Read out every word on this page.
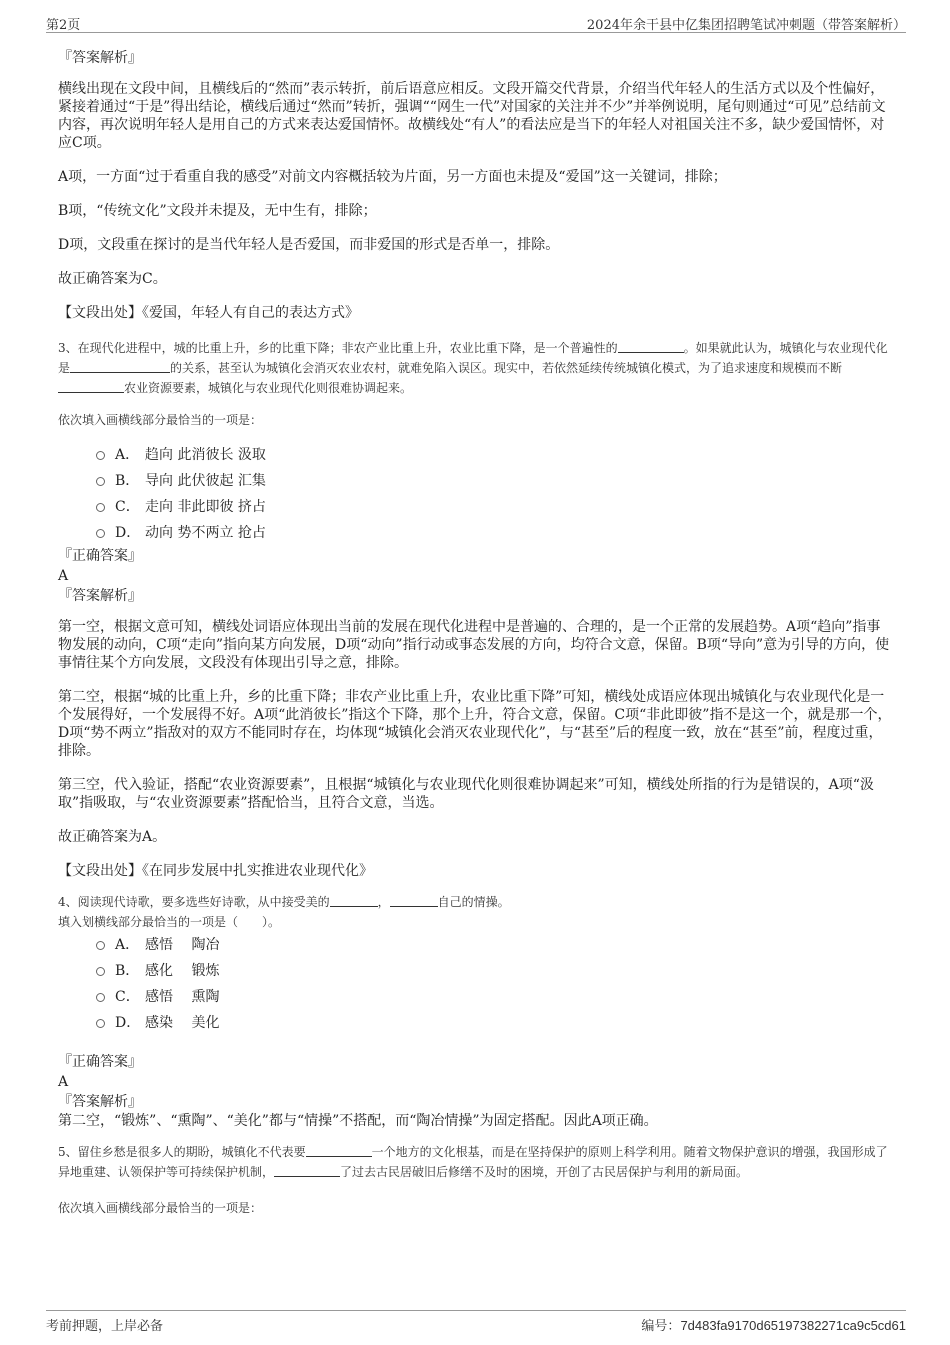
第2页	2024年余干县中亿集团招聘笔试冲刺题（带答案解析）

『答案解析』

横线出现在文段中间，且横线后的“然而”表示转折，前后语意应相反。文段开篇交代背景，介绍当代年轻人的生活方式以及个性偏好，紧接着通过“于是”得出结论，横线后通过“然而”转折，强调““网生一代”对国家的关注并不少”并举例说明，尾句则通过“可见”总结前文内容，再次说明年轻人是用自己的方式来表达爱国情怀。故横线处“有人”的看法应是当下的年轻人对祖国关注不多，缺少爱国情怀，对应C项。

A项，一方面“过于看重自我的感受”对前文内容概括较为片面，另一方面也未提及“爱国”这一关键词，排除；

B项，“传统文化”文段并未提及，无中生有，排除；

D项，文段重在探讨的是当代年轻人是否爱国，而非爱国的形式是否单一，排除。

故正确答案为C。

【文段出处】《爱国，年轻人有自己的表达方式》

3、在现代化进程中，城的比重上升，乡的比重下降；非农产业比重上升，农业比重下降，是一个普遍性的	。如果就此认为，城镇化与农业现代化是	的关系，甚至认为城镇化会消灭农业农村，就难免陷入误区。现实中，若依然延续传统城镇化模式，为了追求速度和规模而不断农业资源要素，城镇化与农业现代化则很难协调起来。

依次填入画横线部分最恰当的一项是：

A． 趋向 此消彼长 汲取
B． 导向 此伏彼起 汇集
C． 走向 非此即彼 挤占
D． 动向 势不两立 抢占

『正确答案』

A

『答案解析』

第一空，根据文意可知，横线处词语应体现出当前的发展在现代化进程中是普遍的、合理的，是一个正常的发展趋势。A项“趋向”指事物发展的动向，C项“走向”指向某方向发展，D项“动向”指行动或事态发展的方向，均符合文意，保留。B项“导向”意为引导的方向，使事情往某个方向发展，文段没有体现出引导之意，排除。

第二空，根据“城的比重上升，乡的比重下降；非农产业比重上升，农业比重下降”可知，横线处成语应体现出城镇化与农业现代化是一个发展得好，一个发展得不好。A项“此消彼长”指这个下降，那个上升，符合文意，保留。C项“非此即彼”指不是这一个，就是那一个，D项“势不两立”指敌对的双方不能同时存在，均体现“城镇化会消灭农业现代化”，与“甚至”后的程度一致，放在“甚至”前，程度过重，排除。

第三空，代入验证，搭配“农业资源要素”，且根据“城镇化与农业现代化则很难协调起来”可知，横线处所指的行为是错误的，A项“汲取”指吸取，与“农业资源要素”搭配恰当，且符合文意，当选。

故正确答案为A。

【文段出处】《在同步发展中扎实推进农业现代化》

4、阅读现代诗歌，要多选些好诗歌，从中接受美的	，	自己的情操。

填入划横线部分最恰当的一项是（　　）。

A． 感悟　 陶冶
B． 感化　 锻炼
C． 感悟　 熏陶
D． 感染　 美化

『正确答案』

A

『答案解析』

第二空，“锻炼”、“熏陶”、“美化”都与“情操”不搭配，而“陶冶情操”为固定搭配。因此A项正确。

5、留住乡愁是很多人的期盼，城镇化不代表要	一个地方的文化根基，而是在坚持保护的原则上科学利用。随着文物保护意识的增强，我国形成了异地重建、认领保护等可持续保护机制，	了过去古民居破旧后修缮不及时的困境，开创了古民居保护与利用的新局面。

依次填入画横线部分最恰当的一项是：

考前押题，上岸必备	编号：7d483fa9170d65197382271ca9c5cd61
